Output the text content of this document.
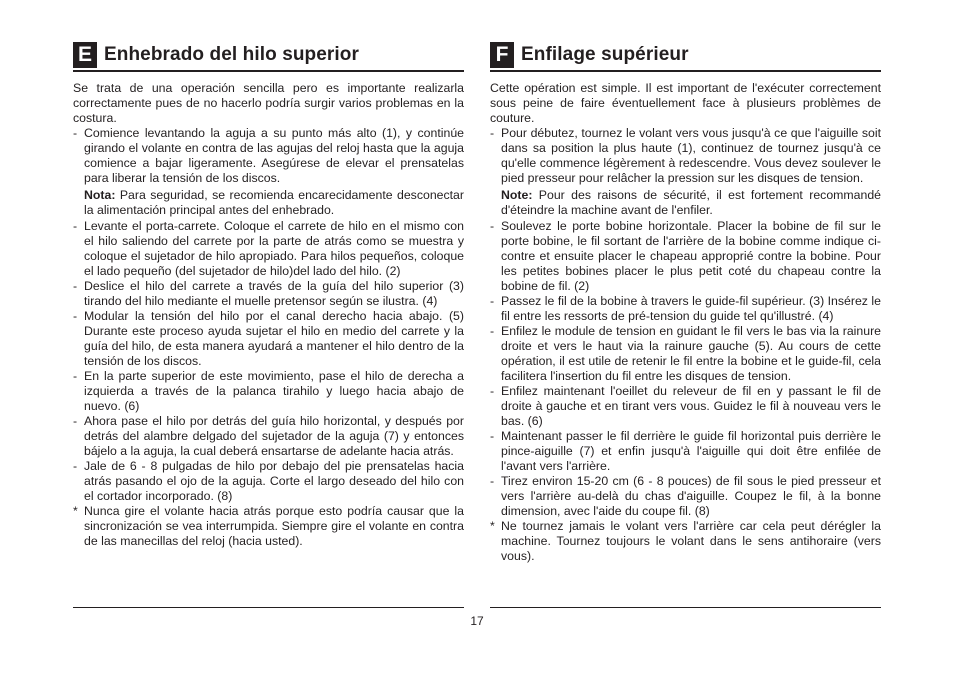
E Enhebrado del hilo superior

Se trata de una operación sencilla pero es importante realizarla correctamente pues de no hacerlo podría surgir varios problemas en la costura.

- Comience levantando la aguja a su punto más alto (1), y continúe girando el volante en contra de las agujas del reloj hasta que la aguja comience a bajar ligeramente. Asegúrese de elevar el prensatelas para liberar la tensión de los discos.
Nota: Para seguridad, se recomienda encarecidamente desconectar la alimentación principal antes del enhebrado.
- Levante el porta-carrete. Coloque el carrete de hilo en el mismo con el hilo saliendo del carrete por la parte de atrás como se muestra y coloque el sujetador de hilo apropiado. Para hilos pequeños, coloque el lado pequeño (del sujetador de hilo)del lado del hilo. (2)
- Deslice el hilo del carrete a través de la guía del hilo superior (3) tirando del hilo mediante el muelle pretensor según se ilustra. (4)
- Modular la tensión del hilo por el canal derecho hacia abajo. (5) Durante este proceso ayuda sujetar el hilo en medio del carrete y la guía del hilo, de esta manera ayudará a mantener el hilo dentro de la tensión de los discos.
- En la parte superior de este movimiento, pase el hilo de derecha a izquierda a través de la palanca tirahilo y luego hacia abajo de nuevo. (6)
- Ahora pase el hilo por detrás del guía hilo horizontal, y después por detrás del alambre delgado del sujetador de la aguja (7) y entonces bájelo a la aguja, la cual deberá ensartarse de adelante hacia atrás.
- Jale de 6 - 8 pulgadas de hilo por debajo del pie prensatelas hacia atrás pasando el ojo de la aguja. Corte el largo deseado del hilo con el cortador incorporado. (8)
* Nunca gire el volante hacia atrás porque esto podría causar que la sincronización se vea interrumpida. Siempre gire el volante en contra de las manecillas del reloj (hacia usted).
F Enfilage supérieur

Cette opération est simple. Il est important de l'exécuter correctement sous peine de faire éventuellement face à plusieurs problèmes de couture.

- Pour débutez, tournez le volant vers vous jusqu'à ce que l'aiguille soit dans sa position la plus haute (1), continuez de tournez jusqu'à ce qu'elle commence légèrement à redescendre. Vous devez soulever le pied presseur pour relâcher la pression sur les disques de tension.
Note: Pour des raisons de sécurité, il est fortement recommandé d'éteindre la machine avant de l'enfiler.
- Soulevez le porte bobine horizontale. Placer la bobine de fil sur le porte bobine, le fil sortant de l'arrière de la bobine comme indique ci-contre et ensuite placer le chapeau approprié contre la bobine. Pour les petites bobines placer le plus petit coté du chapeau contre la bobine de fil. (2)
- Passez le fil de la bobine à travers le guide-fil supérieur. (3) Insérez le fil entre les ressorts de pré-tension du guide tel qu'illustré. (4)
- Enfilez le module de tension en guidant le fil vers le bas via la rainure droite et vers le haut via la rainure gauche (5). Au cours de cette opération, il est utile de retenir le fil entre la bobine et le guide-fil, cela facilitera l'insertion du fil entre les disques de tension.
- Enfilez maintenant l'oeillet du releveur de fil en y passant le fil de droite à gauche et en tirant vers vous. Guidez le fil à nouveau vers le bas. (6)
- Maintenant passer le fil derrière le guide fil horizontal puis derrière le pince-aiguille (7) et enfin jusqu'à l'aiguille qui doit être enfilée de l'avant vers l'arrière.
- Tirez environ 15-20 cm (6 - 8 pouces) de fil sous le pied presseur et vers l'arrière au-delà du chas d'aiguille. Coupez le fil, à la bonne dimension, avec l'aide du coupe fil. (8)
* Ne tournez jamais le volant vers l'arrière car cela peut dérégler la machine. Tournez toujours le volant dans le sens antihoraire (vers vous).
17
